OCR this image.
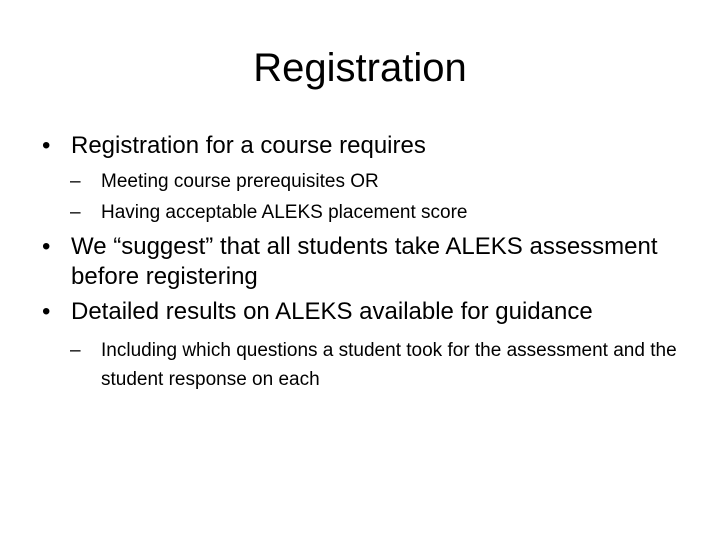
Registration
• Registration for a course requires
– Meeting course prerequisites OR
– Having acceptable ALEKS placement score
• We “suggest” that all students take ALEKS assessment before registering
• Detailed results on ALEKS available for guidance
– Including which questions a student took for the assessment and the student response on each
